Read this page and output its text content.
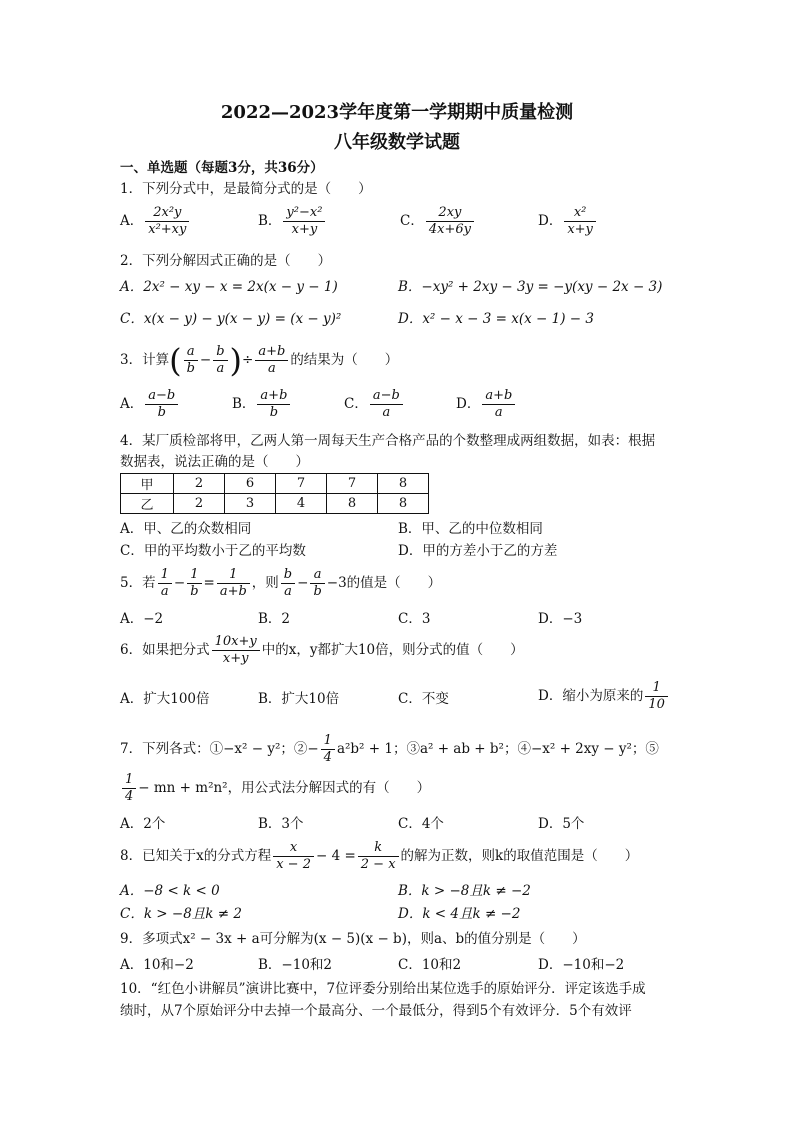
2022—2023学年度第一学期期中质量检测
八年级数学试题
一、单选题（每题3分，共36分）
1．下列分式中，是最简分式的是（　　）
A． $\frac{\text{2x²y}}{\text{x²+xy}}$	B． $\frac{\text{y²−x²}}{x+y}$	C． $\frac{2xy}{4x+6y}$	D． $\frac{\text{x²}}{x+y}$
2．下列分解因式正确的是（　　）
A．2x² − xy − x = 2x(x − y − 1)	B．−xy² + 2xy − 3y = −y(xy − 2x − 3)
C．x(x − y) − y(x − y) = (x − y)²	D．x² − x − 3 = x(x − 1) − 3
3．计算( $\frac{a}{b} - \frac{b}{a}$ )÷ $\frac{a+b}{a}$ 的结果为（　　）
A． $\frac{a-b}{b}$	B． $\frac{a+b}{b}$	C． $\frac{a-b}{a}$	D． $\frac{a+b}{a}$
4．某厂质检部将甲，乙两人第一周每天生产合格产品的个数整理成两组数据，如表：根据
数据表，说法正确的是（　　）
甲	2	6	7	7	8
乙	2	3	4	8	8
A．甲、乙的众数相同	B．甲、乙的中位数相同
C．甲的平均数小于乙的平均数	D．甲的方差小于乙的方差
5．若 $\frac{1}{a} - \frac{1}{b} = \frac{1}{a+b}$ ，则 $\frac{b}{a} - \frac{a}{b} -3$的值是（　　）
A．−2	B．2	C．3	D．−3
6．如果把分式 $\frac{10x+y}{x+y}$ 中的x，y都扩大10倍，则分式的值（　　）
A．扩大100倍	B．扩大10倍	C．不变	D．缩小为原来的 $\frac{1}{10}$
7．下列各式：①−x² − y²；②− $\frac{1}{4} a^2b^2 + 1$；③a² + ab + b²；④−x² + 2xy − y²；⑤
$\frac{1}{4}$ − mn + m²n²，用公式法分解因式的有（　　）
A．2个	B．3个	C．4个	D．5个
8．已知关于x的分式方程 $\frac{x}{x - 2} - 4 = \frac{k}{2 - x}$ 的解为正数，则k的取值范围是（　　）
A．−8 < k < 0	B．k > −8且k ≠ −2
C．k > −8且k ≠ 2	D．k < 4且k ≠ −2
9．多项式x² − 3x + a可分解为(x − 5)(x − b)，则a、b的值分别是（　　）
A．10和−2	B．−10和2	C．10和2	D．−10和−2
10．“红色小讲解员”演讲比赛中，7位评委分别给出某位选手的原始评分．评定该选手成
绩时，从7个原始评分中去掉一个最高分、一个最低分，得到5个有效评分．5个有效评
